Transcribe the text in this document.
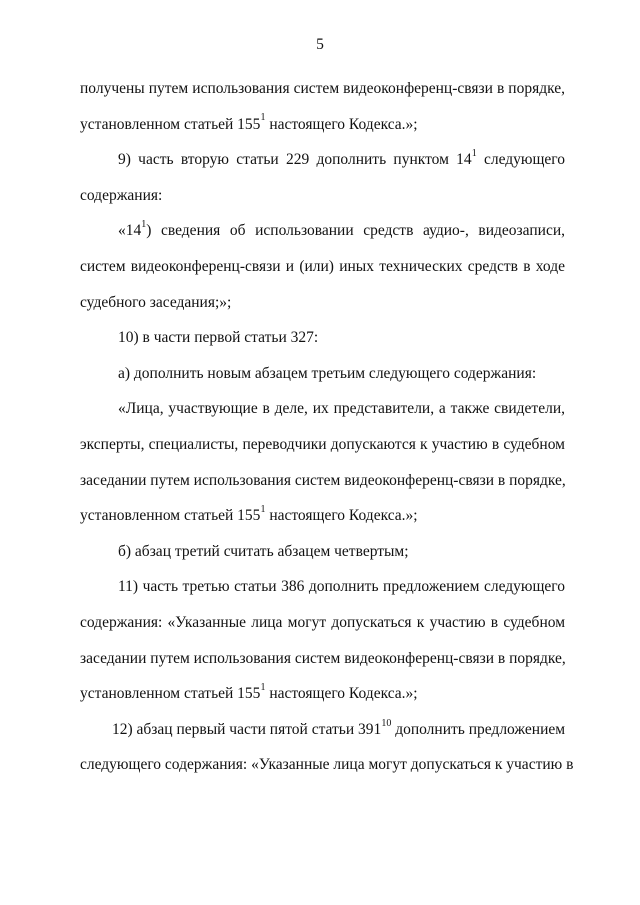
5
получены путем использования систем видеоконференц-связи в порядке,
установленном статьей $155^1$ настоящего Кодекса.»;
9) часть вторую статьи 229 дополнить пунктом $14^1$ следующего
содержания:
«$14^1$) сведения об использовании средств аудио-, видеозаписи,
систем видеоконференц-связи и (или) иных технических средств в ходе
судебного заседания;»;
10) в части первой статьи 327:
а) дополнить новым абзацем третьим следующего содержания:
«Лица, участвующие в деле, их представители, а также свидетели,
эксперты, специалисты, переводчики допускаются к участию в судебном
заседании путем использования систем видеоконференц-связи в порядке,
установленном статьей $155^1$ настоящего Кодекса.»;
б) абзац третий считать абзацем четвертым;
11) часть третью статьи 386 дополнить предложением следующего
содержания: «Указанные лица могут допускаться к участию в судебном
заседании путем использования систем видеоконференц-связи в порядке,
установленном статьей $155^1$ настоящего Кодекса.»;
12) абзац первый части пятой статьи $391^{10}$ дополнить предложением
следующего содержания: «Указанные лица могут допускаться к участию в
